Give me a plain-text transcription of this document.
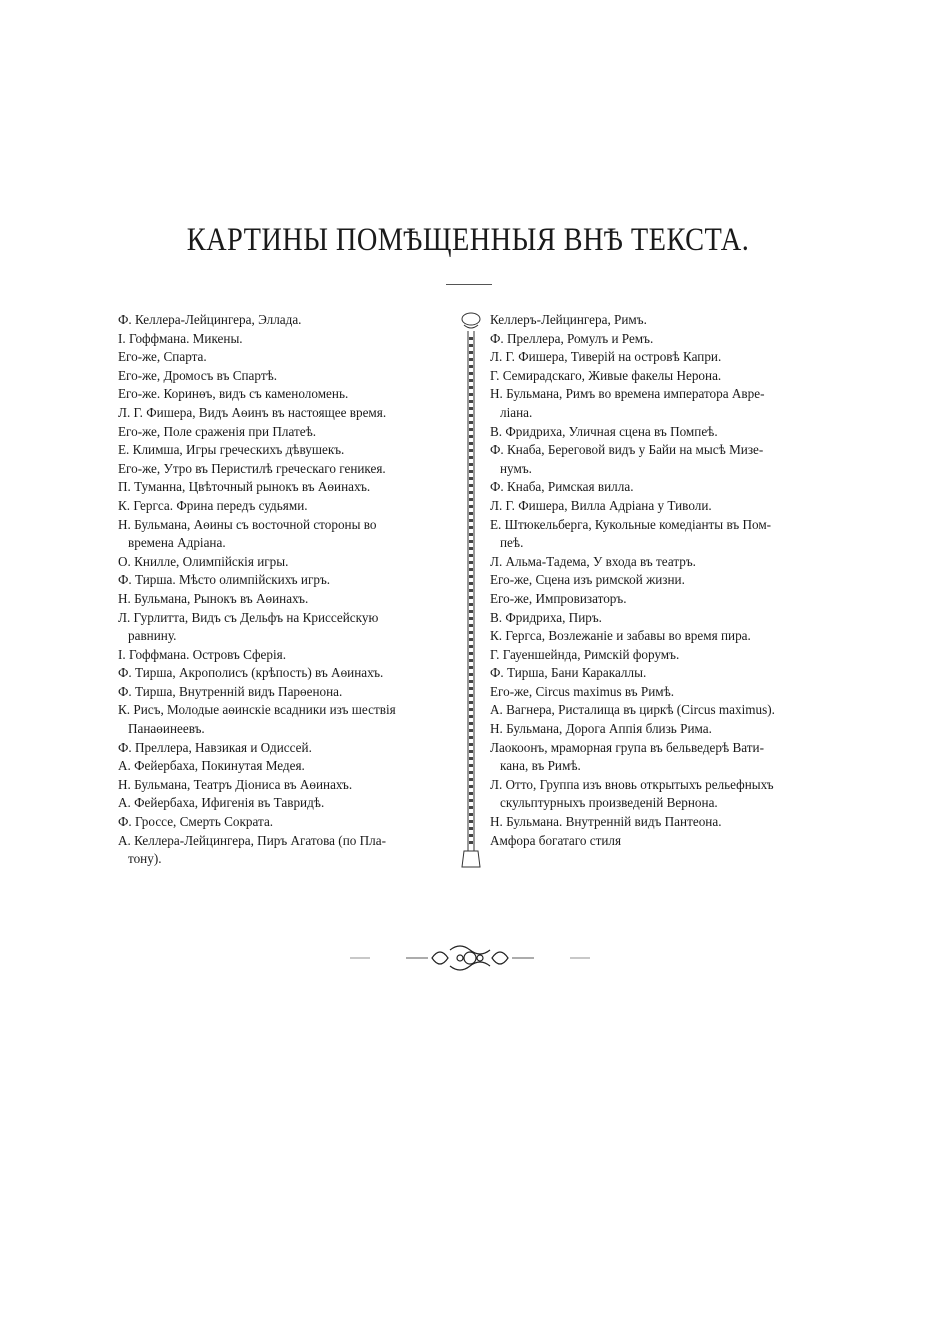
КАРТИНЫ ПОМѢЩЕННЫЯ ВНѢ ТЕКСТА.
Ф. Келлера-Лейцингера, Эллада.
I. Гоффмана. Микены.
Его-же, Спарта.
Его-же, Дромосъ въ Спартѣ.
Его-же. Коринѳъ, видъ съ каменоломень.
Л. Г. Фишера, Видъ Аѳинъ въ настоящее время.
Его-же, Поле сраженія при Платеѣ.
Е. Климша, Игры греческихъ дѣвушекъ.
Его-же, Утро въ Перистилѣ греческаго геникея.
П. Туманна, Цвѣточный рынокъ въ Аѳинахъ.
К. Гергса. Фрина передъ судьями.
Н. Бульмана, Аѳины съ восточной стороны во
времена Адріана.
О. Книлле, Олимпійскія игры.
Ф. Тирша. Мѣсто олимпійскихъ игръ.
Н. Бульмана, Рынокъ въ Аѳинахъ.
Л. Гурлитта, Видъ съ Дельфъ на Криссейскую
равнину.
I. Гоффмана. Островъ Сферія.
Ф. Тирша, Акрополисъ (крѣпость) въ Аѳинахъ.
Ф. Тирша, Внутренній видъ Парѳенона.
К. Рисъ, Молодые аѳинскіе всадники изъ шествія
Панаѳинеевъ.
Ф. Преллера, Навзикая и Одиссей.
А. Фейербаха, Покинутая Медея.
Н. Бульмана, Театръ Діониса въ Аѳинахъ.
А. Фейербаха, Ифигенія въ Тавридѣ.
Ф. Гроссе, Смерть Сократа.
А. Келлера-Лейцингера, Пиръ Агатова (по Пла-
тону).
Келлеръ-Лейцингера, Римъ.
Ф. Преллера, Ромулъ и Ремъ.
Л. Г. Фишера, Тиверій на островѣ Капри.
Г. Семирадскаго, Живые факелы Нерона.
Н. Бульмана, Римъ во времена императора Авре-
ліана.
В. Фридриха, Уличная сцена въ Помпеѣ.
Ф. Кнаба, Береговой видъ у Байи на мысѣ Мизе-
нумъ.
Ф. Кнаба, Римская вилла.
Л. Г. Фишера, Вилла Адріана у Тиволи.
Е. Штюкельберга, Кукольные комедіанты въ Пом-
пеѣ.
Л. Альма-Тадема, У входа въ театръ.
Его-же, Сцена изъ римской жизни.
Его-же, Импровизаторъ.
В. Фридриха, Пиръ.
К. Гергса, Возлежаніе и забавы во время пира.
Г. Гауеншейнда, Римскій форумъ.
Ф. Тирша, Бани Каракаллы.
Его-же, Circus maximus въ Римѣ.
А. Вагнера, Ристалища въ циркѣ (Circus maximus).
Н. Бульмана, Дорога Аппія близь Рима.
Лаокоонъ, мраморная група въ бельведерѣ Вати-
кана, въ Римѣ.
Л. Отто, Группа изъ вновь открытыхъ рельефныхъ
скульптурныхъ произведеній Вернона.
Н. Бульмана. Внутренній видъ Пантеона.
Амфора богатаго стиля
